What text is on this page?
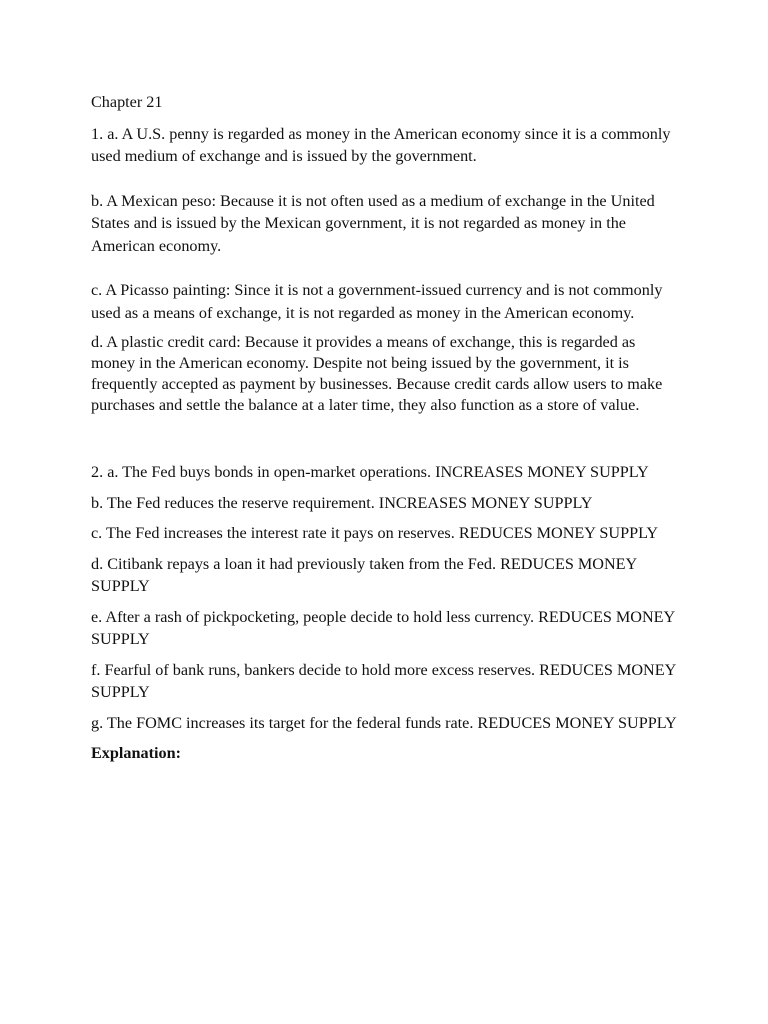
Chapter 21

1. a. A U.S. penny is regarded as money in the American economy since it is a commonly used medium of exchange and is issued by the government.

b. A Mexican peso: Because it is not often used as a medium of exchange in the United States and is issued by the Mexican government, it is not regarded as money in the American economy.

c. A Picasso painting: Since it is not a government-issued currency and is not commonly used as a means of exchange, it is not regarded as money in the American economy.

d. A plastic credit card: Because it provides a means of exchange, this is regarded as money in the American economy. Despite not being issued by the government, it is frequently accepted as payment by businesses. Because credit cards allow users to make purchases and settle the balance at a later time, they also function as a store of value.

2. a. The Fed buys bonds in open-market operations. INCREASES MONEY SUPPLY

b. The Fed reduces the reserve requirement. INCREASES MONEY SUPPLY

c. The Fed increases the interest rate it pays on reserves. REDUCES MONEY SUPPLY

d. Citibank repays a loan it had previously taken from the Fed. REDUCES MONEY SUPPLY

e. After a rash of pickpocketing, people decide to hold less currency. REDUCES MONEY SUPPLY

f. Fearful of bank runs, bankers decide to hold more excess reserves. REDUCES MONEY SUPPLY

g. The FOMC increases its target for the federal funds rate. REDUCES MONEY SUPPLY

Explanation:
